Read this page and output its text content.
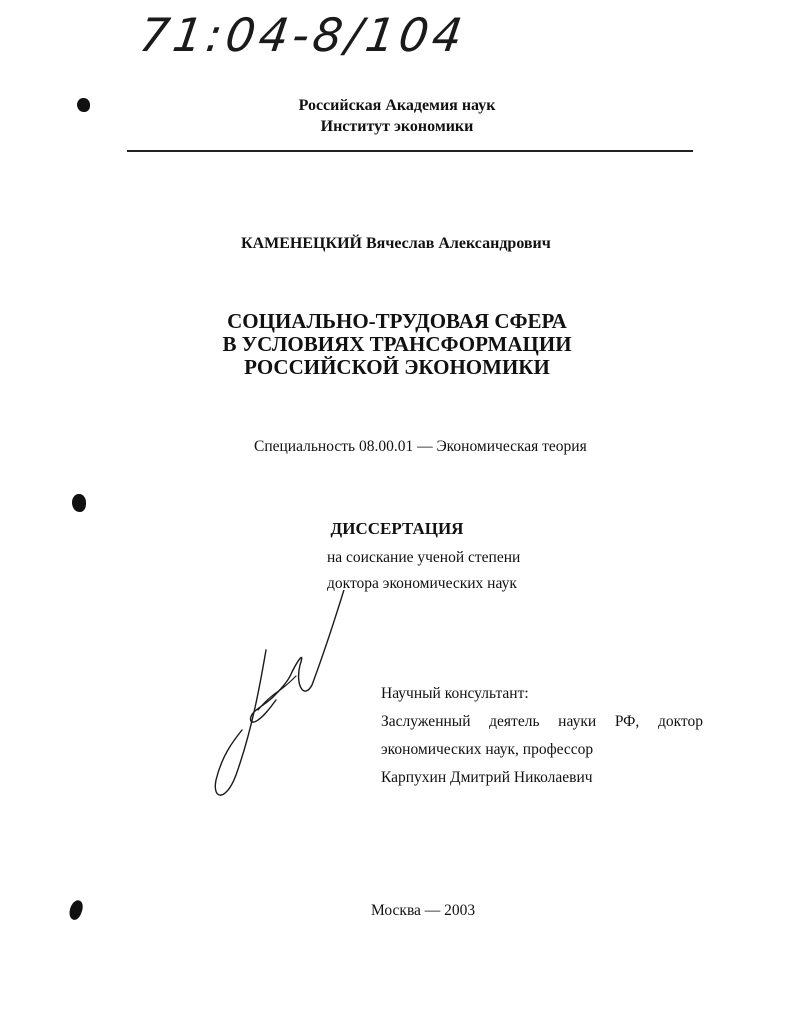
71:04-8/104
Российская Академия наук
Институт экономики
КАМЕНЕЦКИЙ Вячеслав Александрович
СОЦИАЛЬНО-ТРУДОВАЯ СФЕРА
В УСЛОВИЯХ ТРАНСФОРМАЦИИ
РОССИЙСКОЙ ЭКОНОМИКИ
Специальность 08.00.01 — Экономическая теория
ДИССЕРТАЦИЯ
на соискание ученой степени
доктора экономических наук
Научный консультант:
Заслуженный деятель науки РФ, доктор
экономических наук, профессор
Карпухин Дмитрий Николаевич
Москва — 2003
